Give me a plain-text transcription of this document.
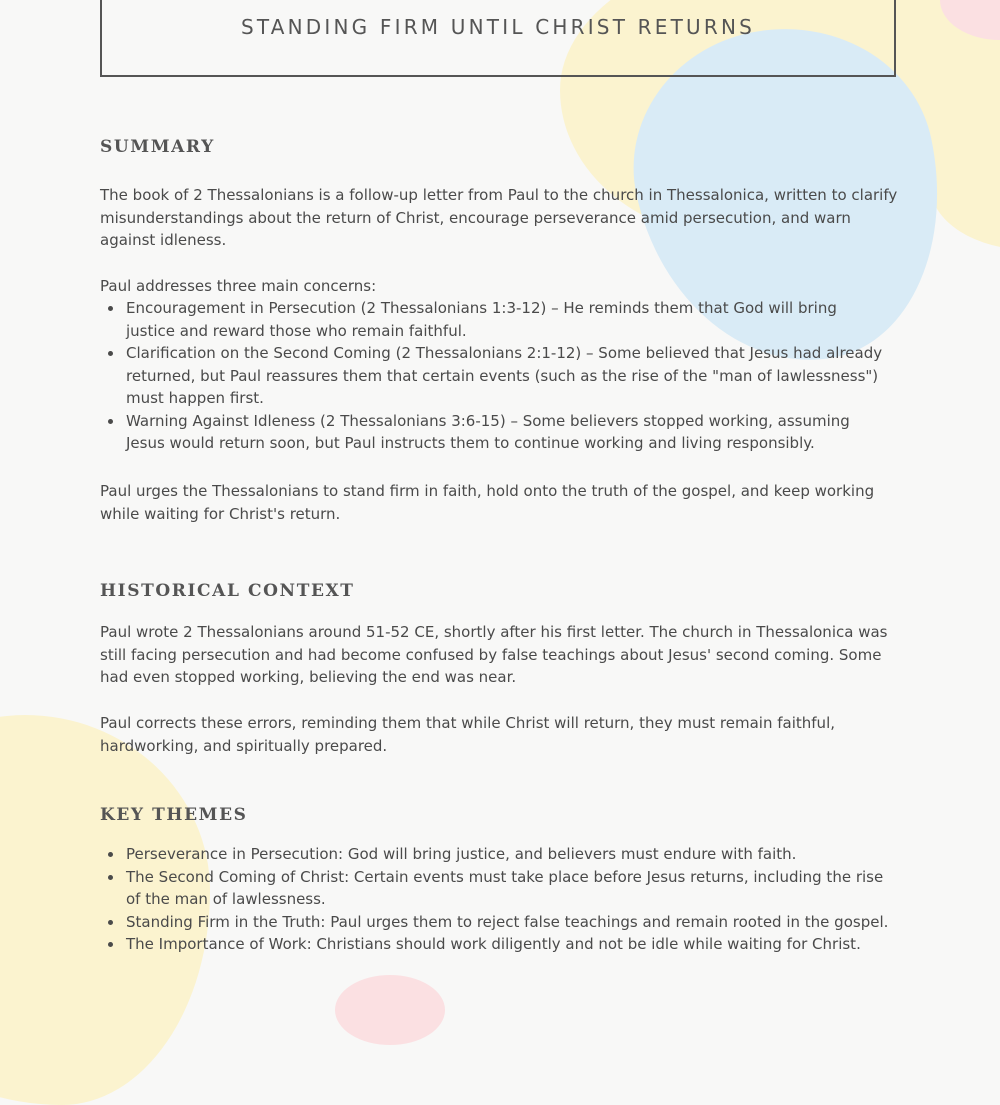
STANDING FIRM UNTIL CHRIST RETURNS
SUMMARY

The book of 2 Thessalonians is a follow-up letter from Paul to the church in Thessalonica, written to clarify misunderstandings about the return of Christ, encourage perseverance amid persecution, and warn against idleness.

Paul addresses three main concerns:

Encouragement in Persecution (2 Thessalonians 1:3-12) – He reminds them that God will bring justice and reward those who remain faithful.
Clarification on the Second Coming (2 Thessalonians 2:1-12) – Some believed that Jesus had already returned, but Paul reassures them that certain events (such as the rise of the "man of lawlessness") must happen first.
Warning Against Idleness (2 Thessalonians 3:6-15) – Some believers stopped working, assuming Jesus would return soon, but Paul instructs them to continue working and living responsibly.

Paul urges the Thessalonians to stand firm in faith, hold onto the truth of the gospel, and keep working while waiting for Christ's return.

HISTORICAL CONTEXT

Paul wrote 2 Thessalonians around 51-52 CE, shortly after his first letter. The church in Thessalonica was still facing persecution and had become confused by false teachings about Jesus' second coming. Some had even stopped working, believing the end was near.

Paul corrects these errors, reminding them that while Christ will return, they must remain faithful, hardworking, and spiritually prepared.

KEY THEMES
Perseverance in Persecution: God will bring justice, and believers must endure with faith.
The Second Coming of Christ: Certain events must take place before Jesus returns, including the rise of the man of lawlessness.
Standing Firm in the Truth: Paul urges them to reject false teachings and remain rooted in the gospel.
The Importance of Work: Christians should work diligently and not be idle while waiting for Christ.
